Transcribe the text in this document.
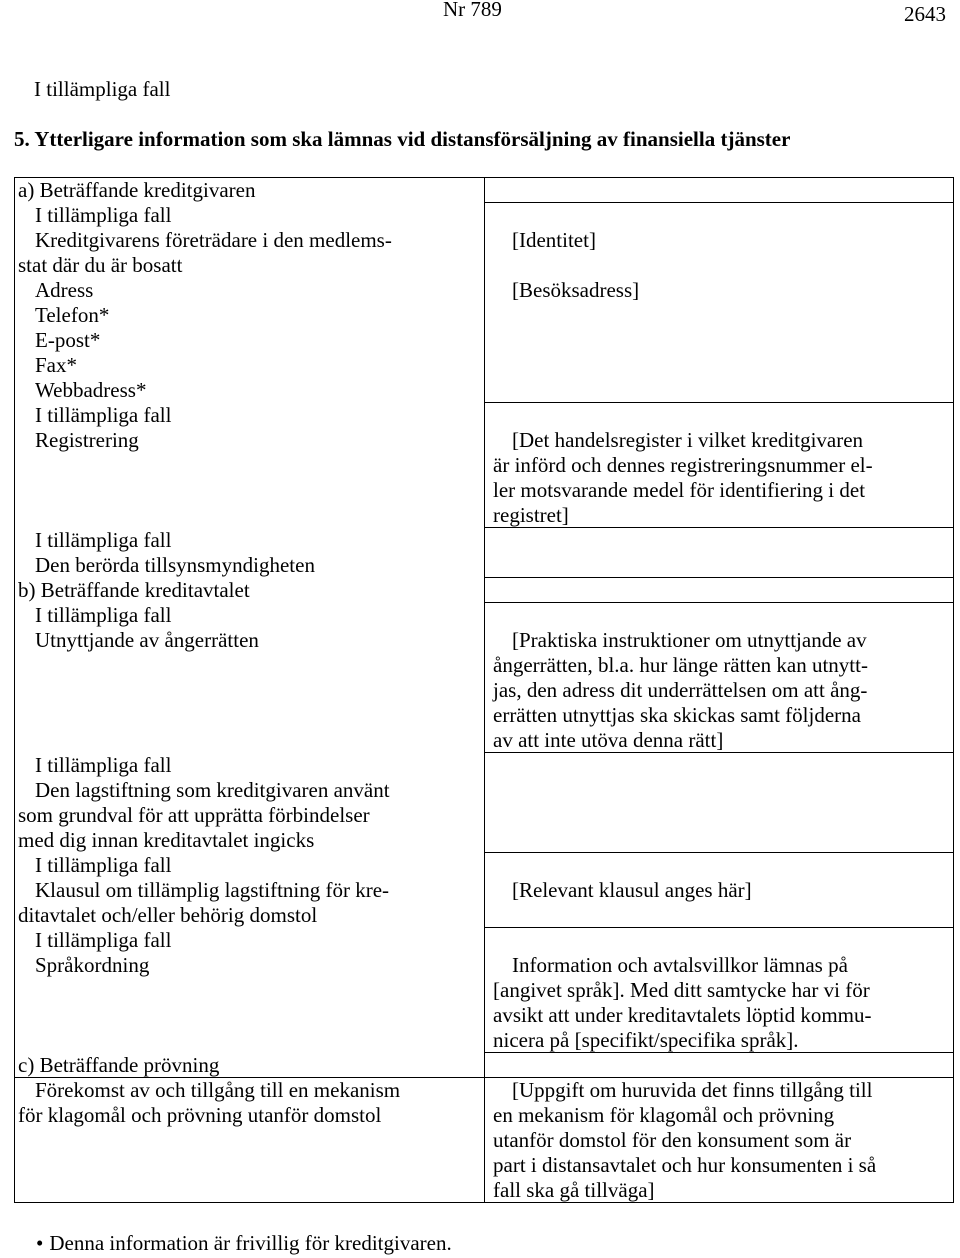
Nr 789	2643
I tillämpliga fall
5. Ytterligare information som ska lämnas vid distansförsäljning av finansiella tjänster
a) Beträffande kreditgivaren
I tillämpliga fall
Kreditgivarens företrädare i den medlems-
stat där du är bosatt
Adress
Telefon*
E-post*
Fax*
Webbadress*
I tillämpliga fall
Registrering
I tillämpliga fall
Den berörda tillsynsmyndigheten
b) Beträffande kreditavtalet
I tillämpliga fall
Utnyttjande av ångerrätten
I tillämpliga fall
Den lagstiftning som kreditgivaren använt
som grundval för att upprätta förbindelser
med dig innan kreditavtalet ingicks
I tillämpliga fall
Klausul om tillämplig lagstiftning för kre-
ditavtalet och/eller behörig domstol
I tillämpliga fall
Språkordning
c) Beträffande prövning
Förekomst av och tillgång till en mekanism
för klagomål och prövning utanför domstol
[Identitet]
[Besöksadress]
[Det handelsregister i vilket kreditgivaren
är införd och dennes registreringsnummer el-
ler motsvarande medel för identifiering i det
registret]
[Praktiska instruktioner om utnyttjande av
ångerrätten, bl.a. hur länge rätten kan utnytt-
jas, den adress dit underrättelsen om att ång-
errätten utnyttjas ska skickas samt följderna
av att inte utöva denna rätt]
[Relevant klausul anges här]
Information och avtalsvillkor lämnas på
[angivet språk]. Med ditt samtycke har vi för
avsikt att under kreditavtalets löptid kommu-
nicera på [specifikt/specifika språk].
[Uppgift om huruvida det finns tillgång till
en mekanism för klagomål och prövning
utanför domstol för den konsument som är
part i distansavtalet och hur konsumenten i så
fall ska gå tillväga]
• Denna information är frivillig för kreditgivaren.
